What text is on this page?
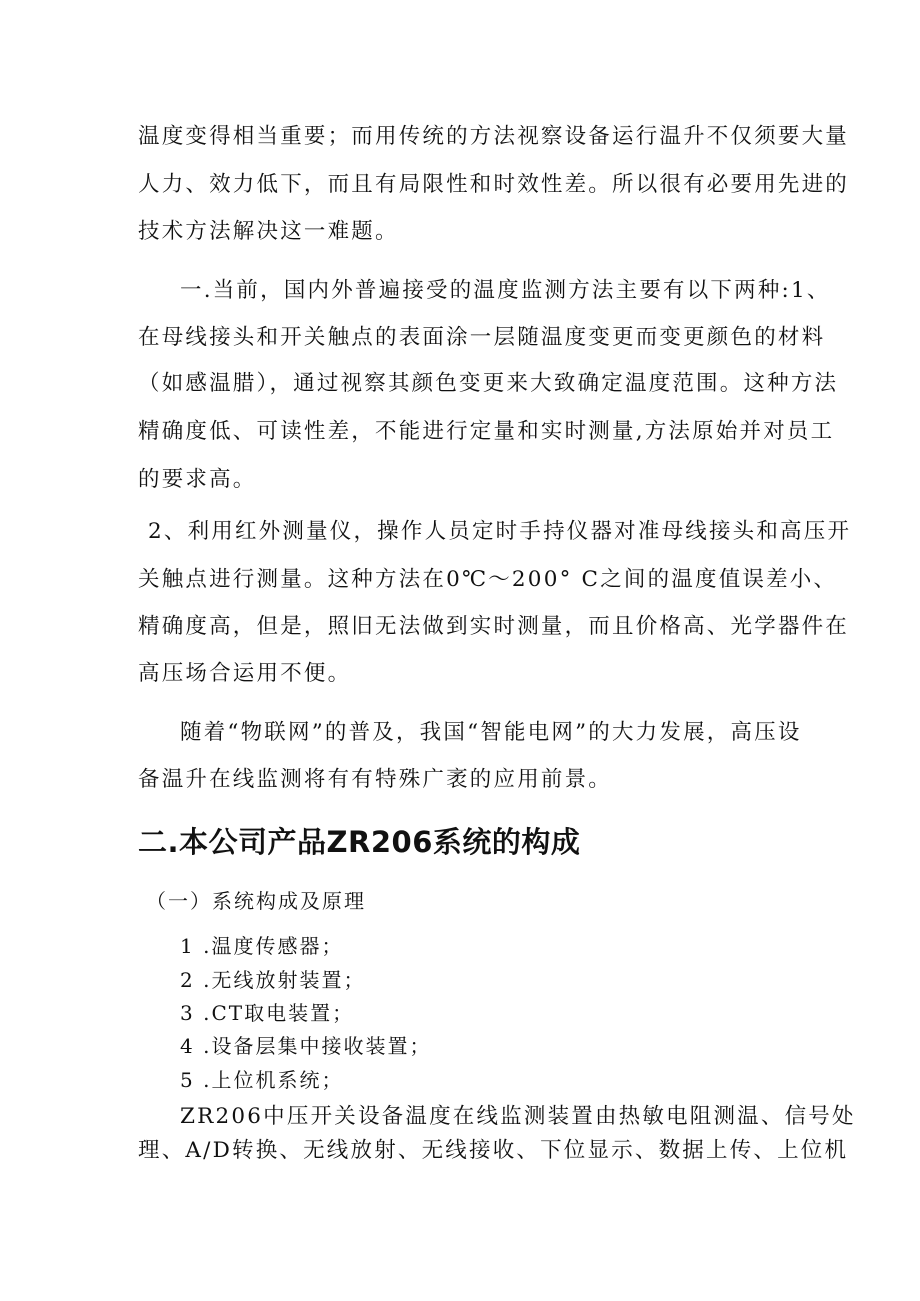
温度变得相当重要；而用传统的方法视察设备运行温升不仅须要大量
人力、效力低下，而且有局限性和时效性差。所以很有必要用先进的
技术方法解决这一难题。
一.当前，国内外普遍接受的温度监测方法主要有以下两种:1、
在母线接头和开关触点的表面涂一层随温度变更而变更颜色的材料
（如感温腊），通过视察其颜色变更来大致确定温度范围。这种方法
精确度低、可读性差，不能进行定量和实时测量,方法原始并对员工
的要求高。
2、利用红外测量仪，操作人员定时手持仪器对准母线接头和高压开
关触点进行测量。这种方法在0℃～200° C之间的温度值误差小、
精确度高，但是，照旧无法做到实时测量，而且价格高、光学器件在
高压场合运用不便。
随着“物联网”的普及，我国“智能电网”的大力发展，高压设
备温升在线监测将有有特殊广袤的应用前景。
二.本公司产品ZR206系统的构成
（一）系统构成及原理
1 .温度传感器；
2 .无线放射装置；
3 .CT取电装置；
4 .设备层集中接收装置；
5 .上位机系统；
ZR206中压开关设备温度在线监测装置由热敏电阻测温、信号处
理、A/D转换、无线放射、无线接收、下位显示、数据上传、上位机
